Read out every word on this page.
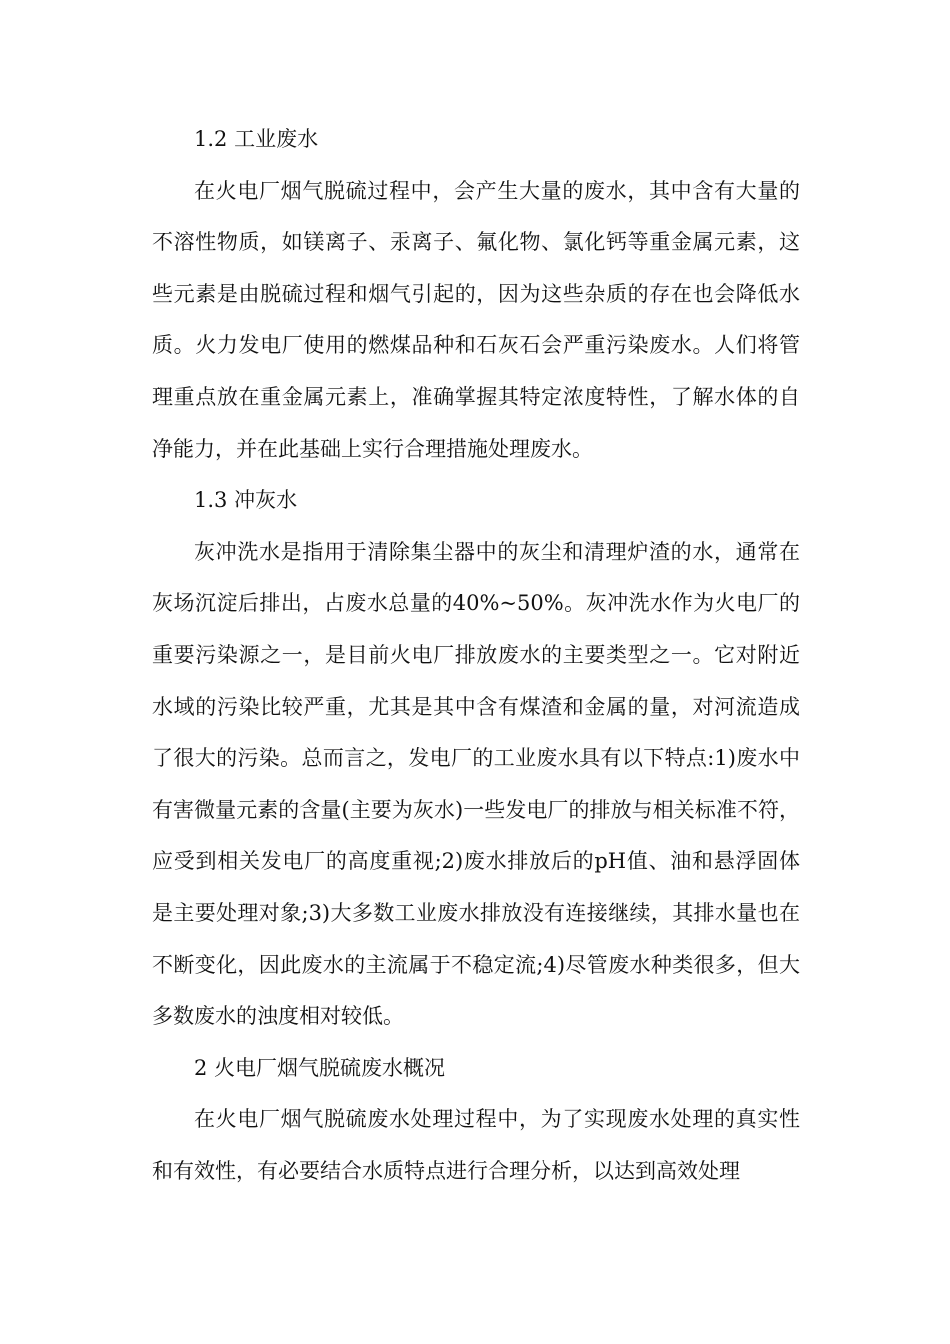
1.2 工业废水

在火电厂烟气脱硫过程中，会产生大量的废水，其中含有大量的不溶性物质，如镁离子、汞离子、氟化物、氯化钙等重金属元素，这些元素是由脱硫过程和烟气引起的，因为这些杂质的存在也会降低水质。火力发电厂使用的燃煤品种和石灰石会严重污染废水。人们将管理重点放在重金属元素上，准确掌握其特定浓度特性，了解水体的自净能力，并在此基础上实行合理措施处理废水。

1.3 冲灰水

灰冲洗水是指用于清除集尘器中的灰尘和清理炉渣的水，通常在灰场沉淀后排出，占废水总量的40%~50%。灰冲洗水作为火电厂的重要污染源之一，是目前火电厂排放废水的主要类型之一。它对附近水域的污染比较严重，尤其是其中含有煤渣和金属的量，对河流造成了很大的污染。总而言之，发电厂的工业废水具有以下特点:1)废水中有害微量元素的含量(主要为灰水)一些发电厂的排放与相关标准不符，应受到相关发电厂的高度重视;2)废水排放后的pH值、油和悬浮固体是主要处理对象;3)大多数工业废水排放没有连接继续，其排水量也在不断变化，因此废水的主流属于不稳定流;4)尽管废水种类很多，但大多数废水的浊度相对较低。

2 火电厂烟气脱硫废水概况

在火电厂烟气脱硫废水处理过程中，为了实现废水处理的真实性和有效性，有必要结合水质特点进行合理分析，以达到高效处理
